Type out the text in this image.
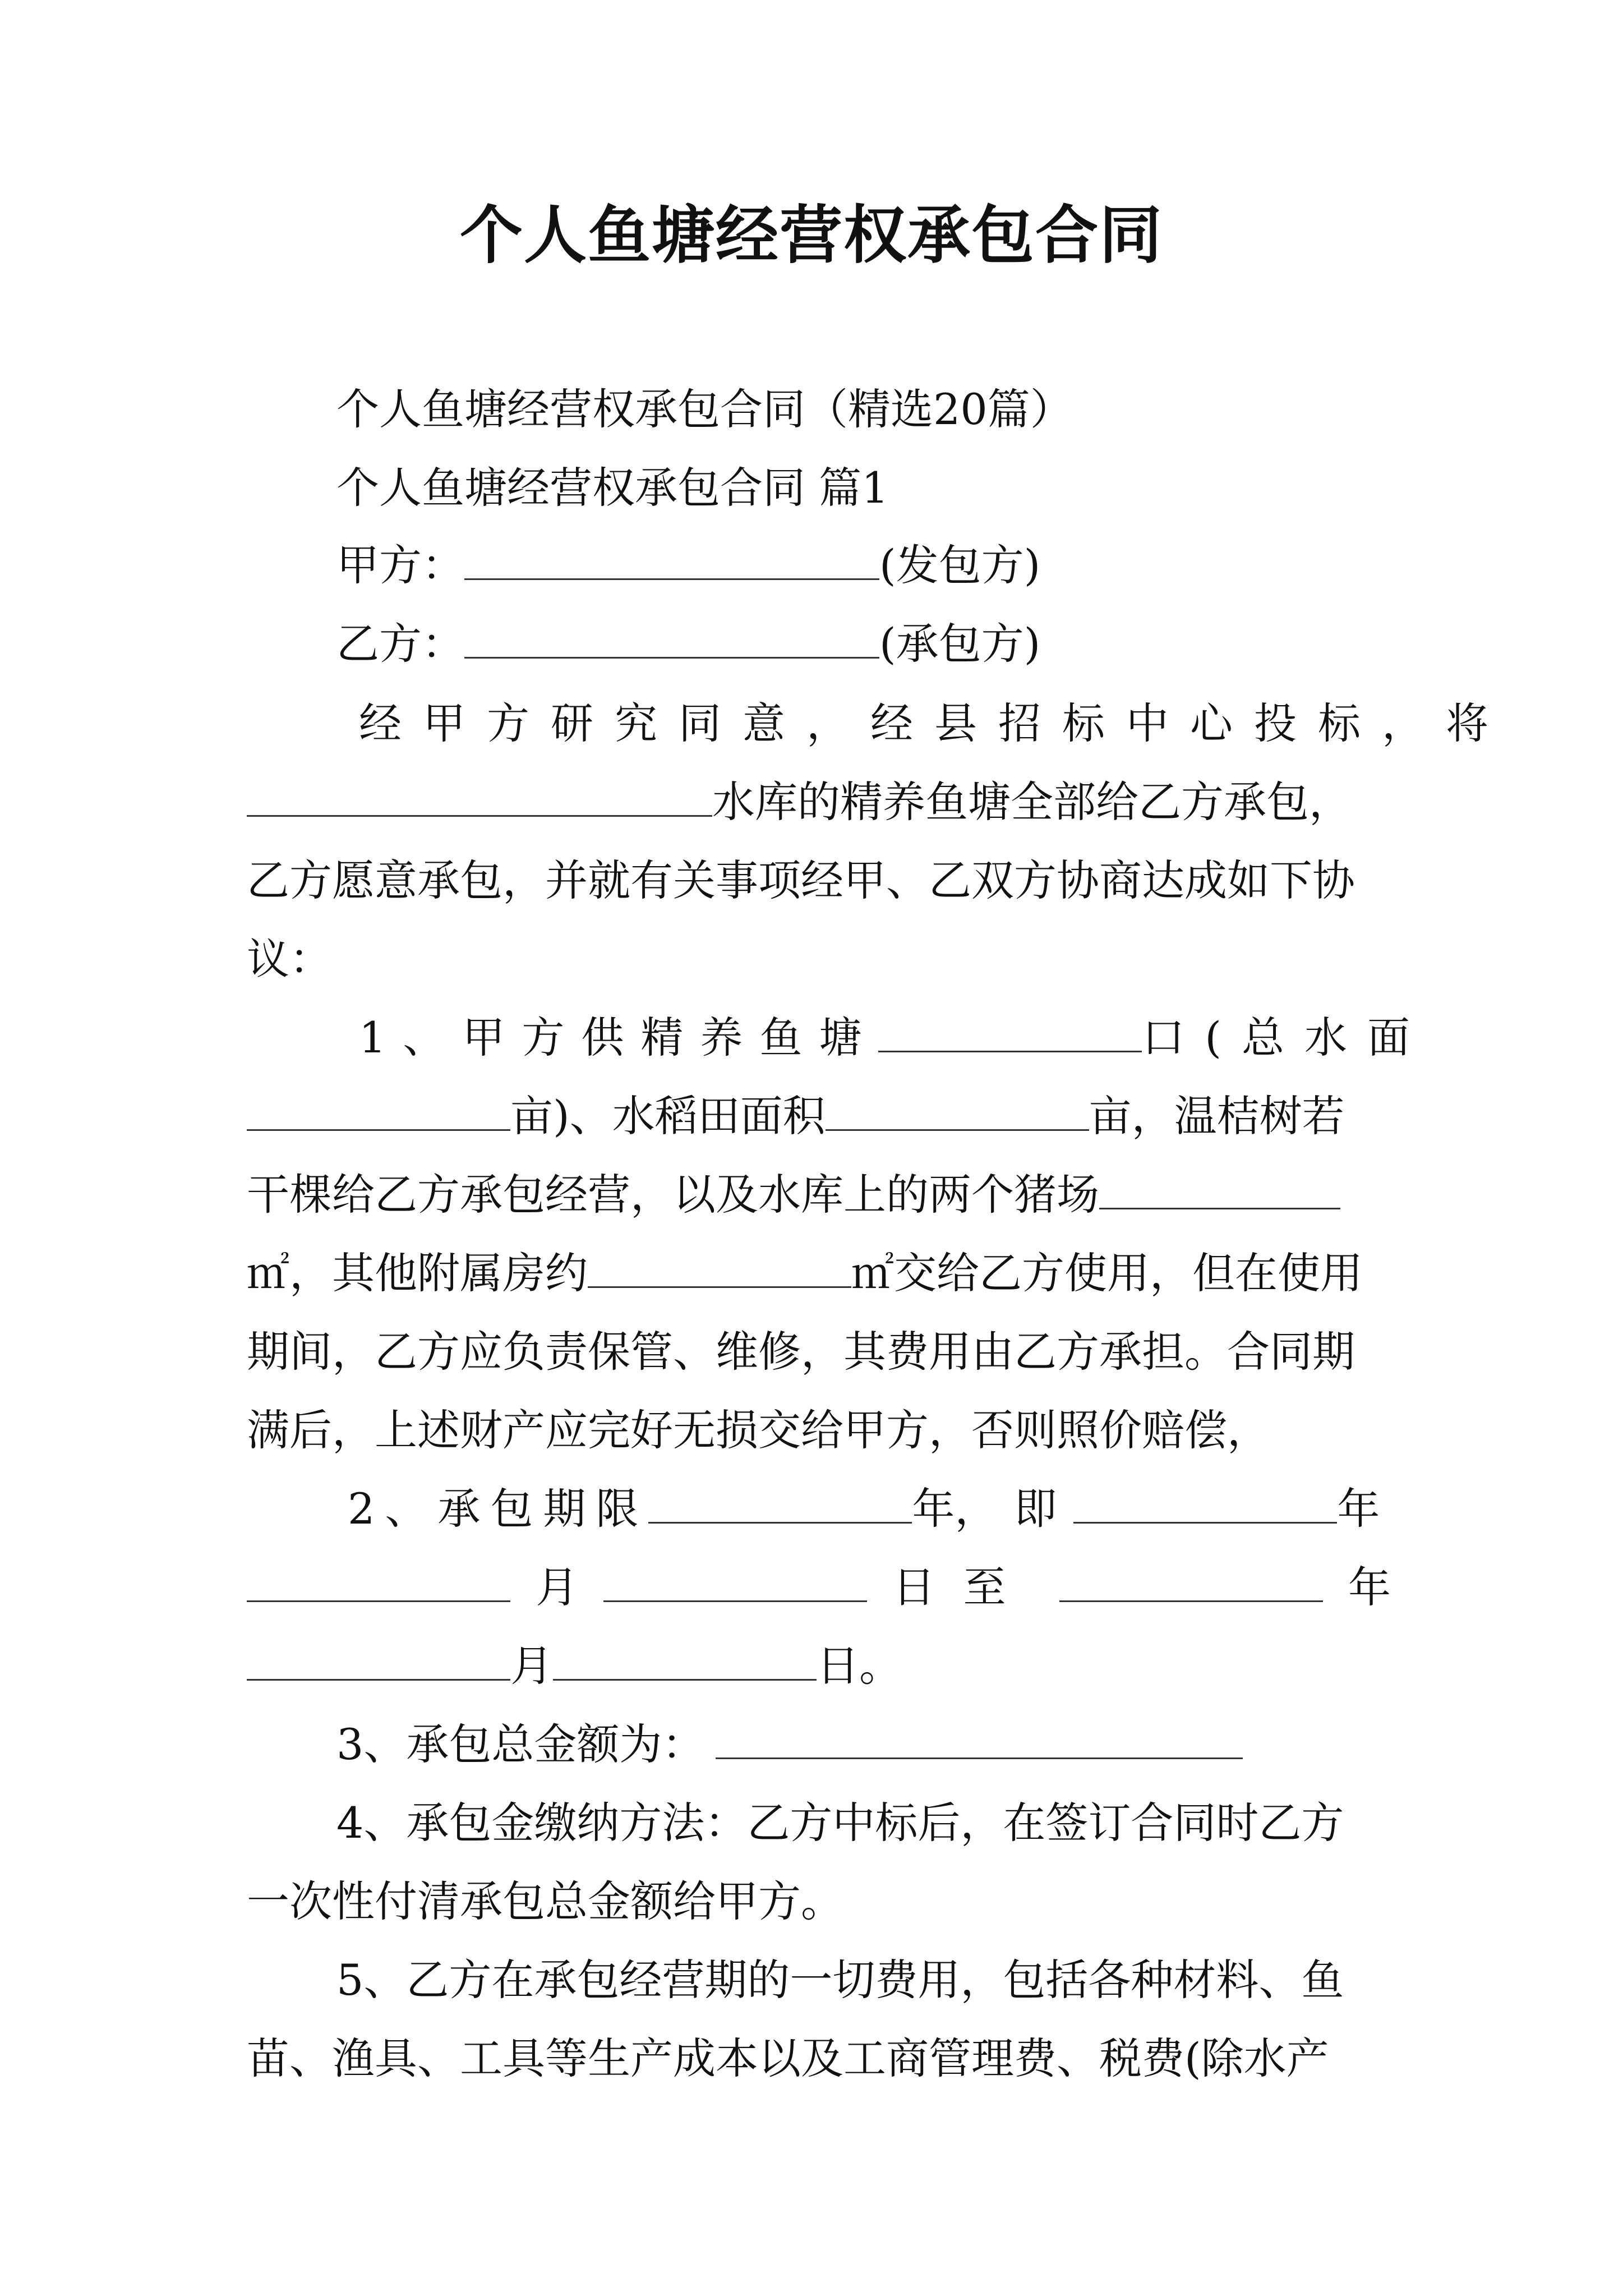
个人鱼塘经营权承包合同
个人鱼塘经营权承包合同（精选20篇）
个人鱼塘经营权承包合同 篇1
甲方：	(发包方)
乙方：	(承包方)
经甲方研究同意，经县招标中心投标，将
水库的精养鱼塘全部给乙方承包，
乙方愿意承包，并就有关事项经甲、乙双方协商达成如下协
议：
1、甲方供精养鱼塘	口(总水面
亩)、水稻田面积	亩，温桔树若
干棵给乙方承包经营，以及水库上的两个猪场
㎡，其他附属房约	㎡交给乙方使用，但在使用
期间，乙方应负责保管、维修，其费用由乙方承担。合同期
满后，上述财产应完好无损交给甲方，否则照价赔偿，
2、承包期限	年，即	年
月	日至	年
月	日。
3、承包总金额为：
4、承包金缴纳方法：乙方中标后，在签订合同时乙方
一次性付清承包总金额给甲方。
5、乙方在承包经营期的一切费用，包括各种材料、鱼
苗、渔具、工具等生产成本以及工商管理费、税费(除水产
